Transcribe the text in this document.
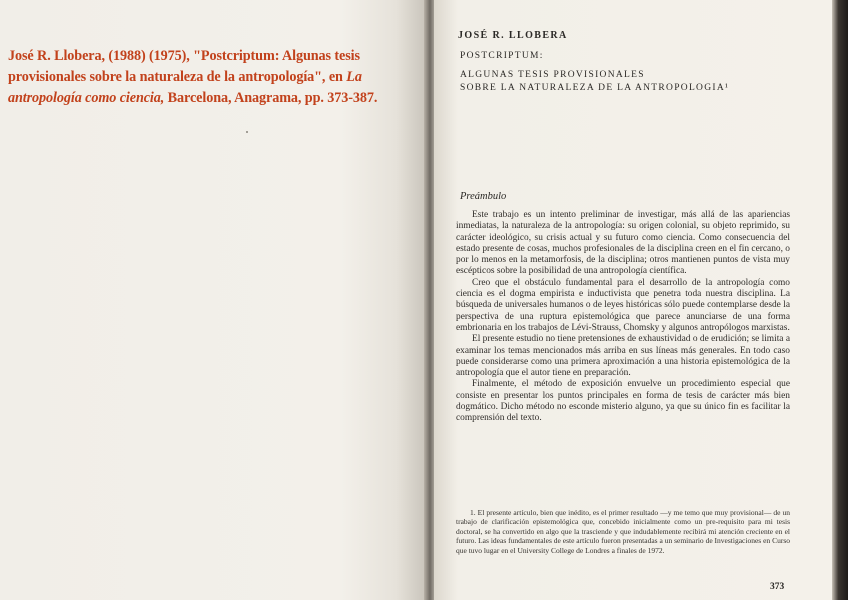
José R. Llobera, (1988) (1975), "Postcriptum: Algunas tesis provisionales sobre la naturaleza de la antropología", en La antropología como ciencia, Barcelona, Anagrama, pp. 373-387.
JOSÉ R. LLOBERA
POSTCRIPTUM:
ALGUNAS TESIS PROVISIONALES
SOBRE LA NATURALEZA DE LA ANTROPOLOGIA¹
Preámbulo

Este trabajo es un intento preliminar de investigar, más allá de las apariencias inmediatas, la naturaleza de la antropología: su origen colonial, su objeto reprimido, su carácter ideológico, su crisis actual y su futuro como ciencia. Como consecuencia del estado presente de cosas, muchos profesionales de la disciplina creen en el fin cercano, o por lo menos en la metamorfosis, de la disciplina; otros mantienen puntos de vista muy escépticos sobre la posibilidad de una antropología científica.

Creo que el obstáculo fundamental para el desarrollo de la antropología como ciencia es el dogma empirista e inductivista que penetra toda nuestra disciplina. La búsqueda de universales humanos o de leyes históricas sólo puede contemplarse desde la perspectiva de una ruptura epistemológica que parece anunciarse de una forma embrionaria en los trabajos de Lévi-Strauss, Chomsky y algunos antropólogos marxistas.

El presente estudio no tiene pretensiones de exhaustividad o de erudición; se limita a examinar los temas mencionados más arriba en sus líneas más generales. En todo caso puede considerarse como una primera aproximación a una historia epistemológica de la antropología que el autor tiene en preparación.

Finalmente, el método de exposición envuelve un procedimiento especial que consiste en presentar los puntos principales en forma de tesis de carácter más bien dogmático. Dicho método no esconde misterio alguno, ya que su único fin es facilitar la comprensión del texto.

1. El presente artículo, bien que inédito, es el primer resultado —y me temo que muy provisional— de un trabajo de clarificación epistemológica que, concebido inicialmente como un pre-requisito para mi tesis doctoral, se ha convertido en algo que la trasciende y que indudablemente recibirá mi atención creciente en el futuro. Las ideas fundamentales de este artículo fueron presentadas a un seminario de Investigaciones en Curso que tuvo lugar en el University College de Londres a finales de 1972.

373
